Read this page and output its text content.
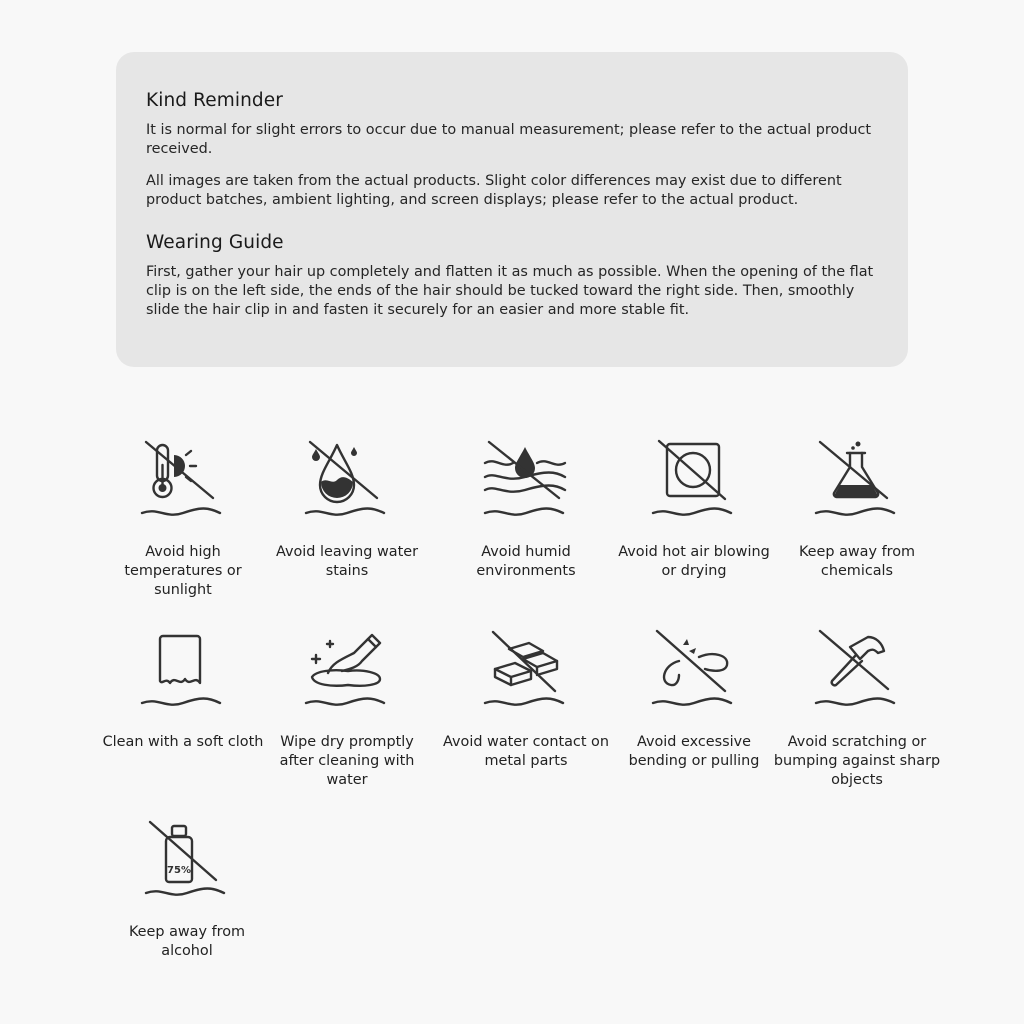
Kind Reminder

It is normal for slight errors to occur due to manual measurement; please refer to the actual product received.

All images are taken from the actual products. Slight color differences may exist due to different product batches, ambient lighting, and screen displays; please refer to the actual product.

Wearing Guide

First, gather your hair up completely and flatten it as much as possible. When the opening of the flat clip is on the left side, the ends of the hair should be tucked toward the right side. Then, smoothly slide the hair clip in and fasten it securely for an easier and more stable fit.

Avoid high temperatures or sunlight
Avoid leaving water stains
Avoid humid environments
Avoid hot air blowing or drying
Keep away from chemicals
Clean with a soft cloth	Wipe dry promptly after cleaning with water
Avoid water contact on metal parts
Avoid excessive bending or pulling
Avoid scratching or bumping against sharp objects
75%
Keep away from alcohol
